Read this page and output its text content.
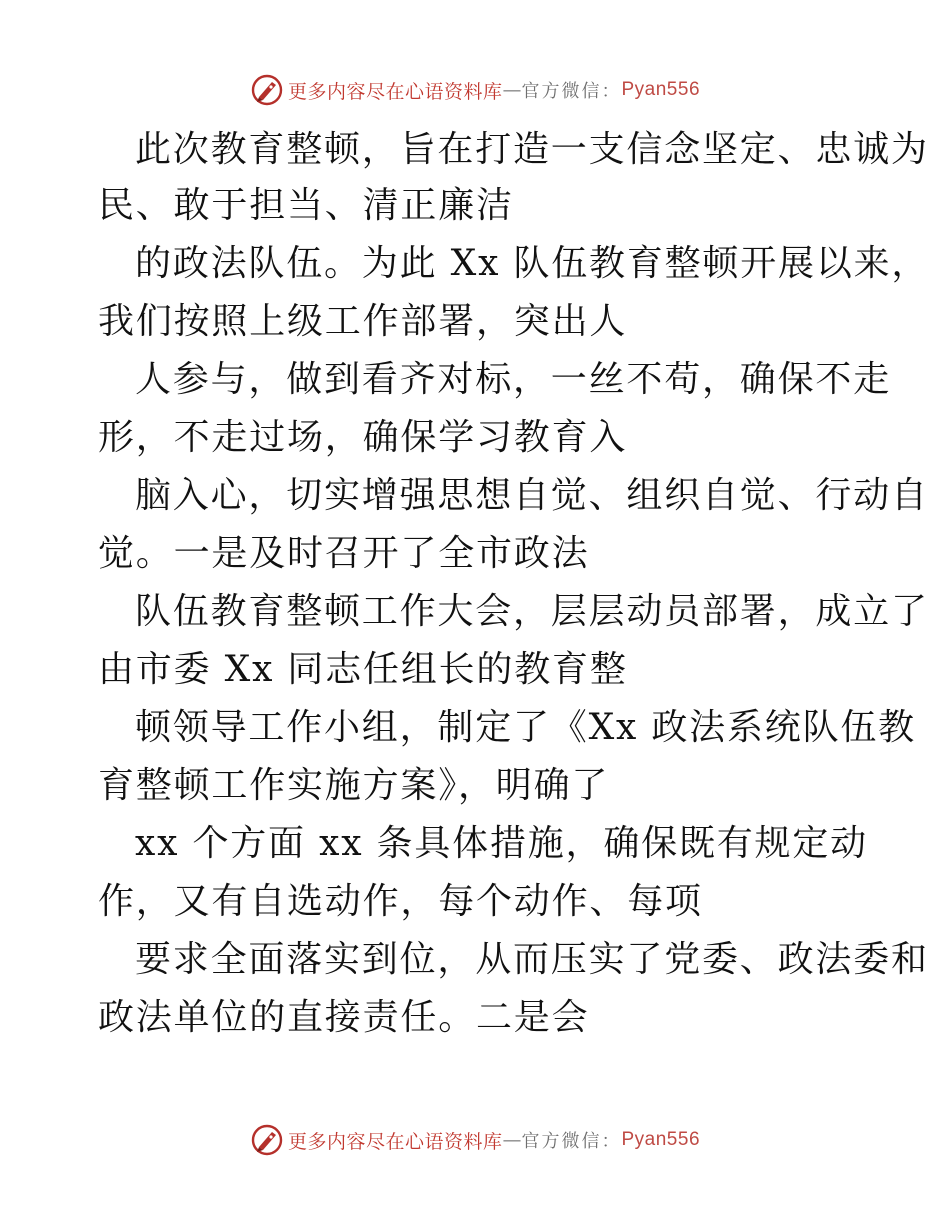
更多内容尽在心语资料库 — 官方微信： Pyan556
此次教育整顿，旨在打造一支信念坚定、忠诚为
民、敢于担当、清正廉洁
的政法队伍。为此 Xx 队伍教育整顿开展以来，
我们按照上级工作部署，突出人
人参与，做到看齐对标，一丝不苟，确保不走
形，不走过场，确保学习教育入
脑入心，切实增强思想自觉、组织自觉、行动自
觉。一是及时召开了全市政法
队伍教育整顿工作大会，层层动员部署，成立了
由市委 Xx 同志任组长的教育整
顿领导工作小组，制定了《Xx 政法系统队伍教
育整顿工作实施方案》，明确了
xx 个方面 xx 条具体措施，确保既有规定动
作，又有自选动作，每个动作、每项
要求全面落实到位，从而压实了党委、政法委和
政法单位的直接责任。二是会
更多内容尽在心语资料库 — 官方微信： Pyan556
